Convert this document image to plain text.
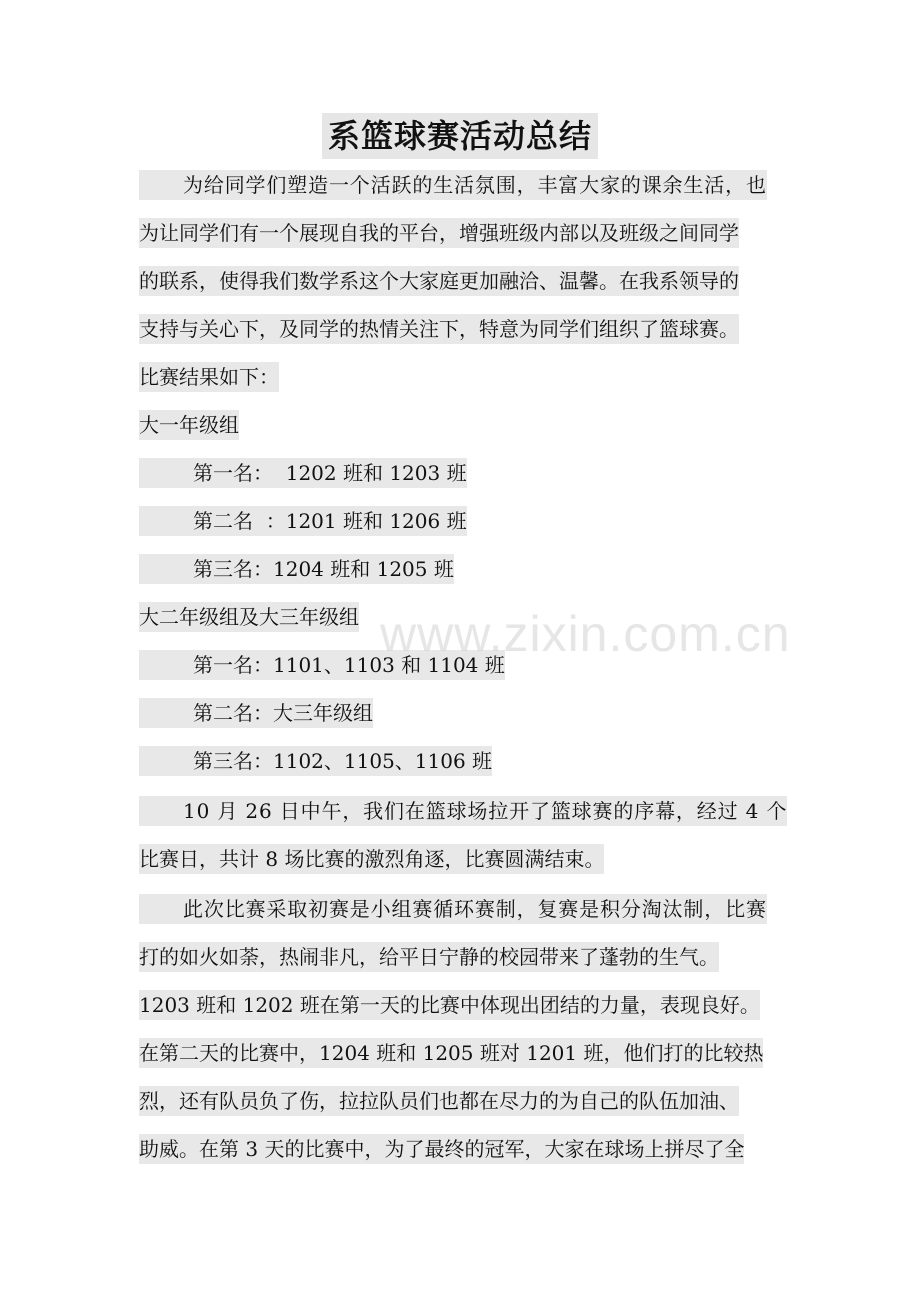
系篮球赛活动总结
为给同学们塑造一个活跃的生活氛围，丰富大家的课余生活，也
为让同学们有一个展现自我的平台，增强班级内部以及班级之间同学
的联系，使得我们数学系这个大家庭更加融洽、温馨。在我系领导的
支持与关心下，及同学的热情关注下，特意为同学们组织了篮球赛。
比赛结果如下：
大一年级组
第一名：  1202 班和 1203 班
第二名  ：1201 班和 1206 班
第三名：1204 班和 1205 班
大二年级组及大三年级组
第一名：1101、1103 和 1104 班
第二名：大三年级组
第三名：1102、1105、1106 班
10 月 26 日中午，我们在篮球场拉开了篮球赛的序幕，经过 4 个
比赛日，共计 8 场比赛的激烈角逐，比赛圆满结束。
此次比赛采取初赛是小组赛循环赛制，复赛是积分淘汰制，比赛
打的如火如荼，热闹非凡，给平日宁静的校园带来了蓬勃的生气。
1203 班和 1202 班在第一天的比赛中体现出团结的力量，表现良好。
在第二天的比赛中，1204 班和 1205 班对 1201 班，他们打的比较热
烈，还有队员负了伤，拉拉队员们也都在尽力的为自己的队伍加油、
助威。在第 3 天的比赛中，为了最终的冠军，大家在球场上拼尽了全
www.zixin.com.cn
